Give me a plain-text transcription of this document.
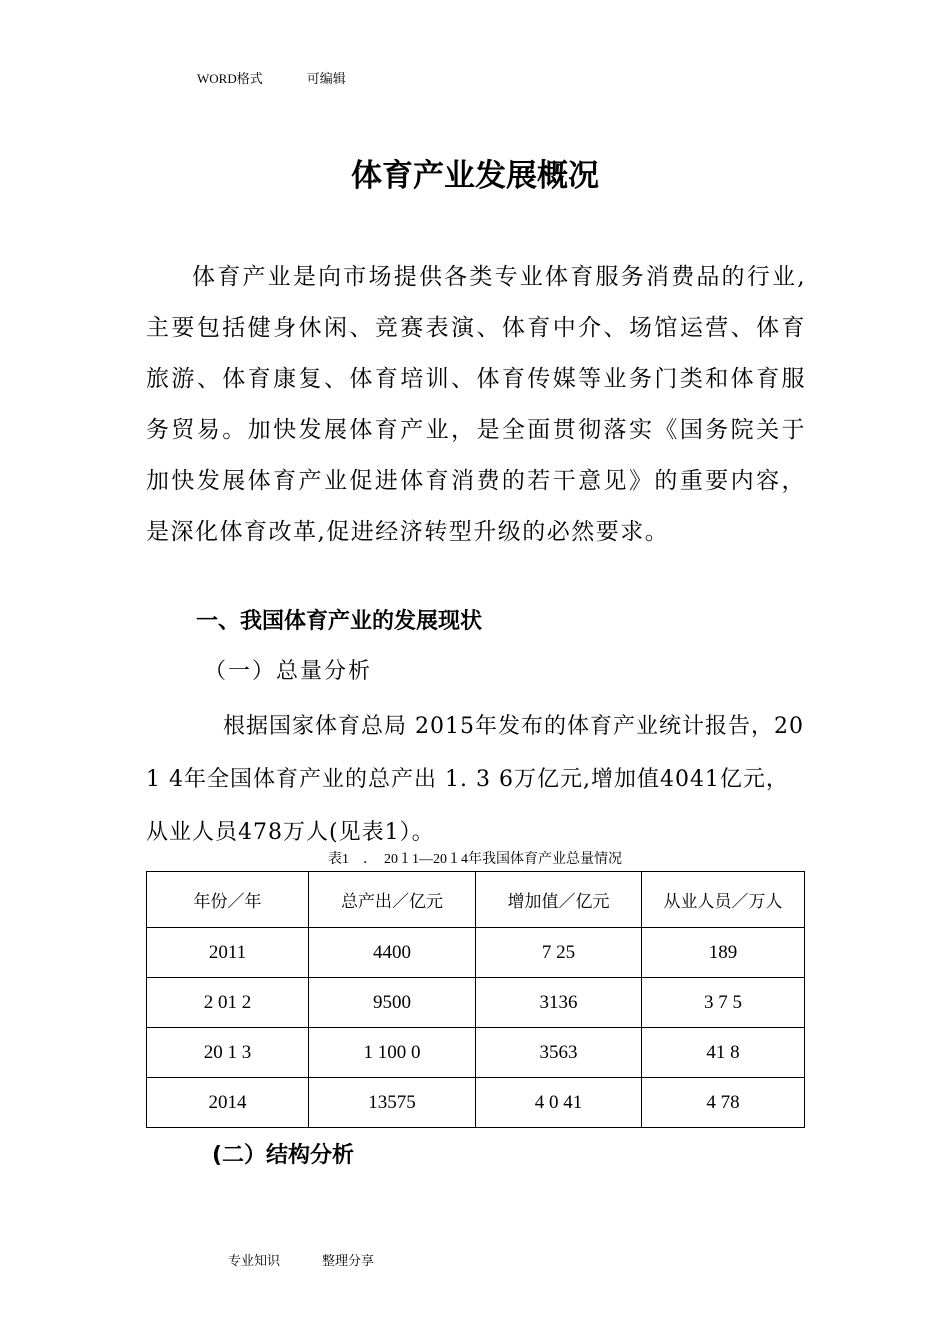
WORD格式	可编辑
体育产业发展概况
体育产业是向市场提供各类专业体育服务消费品的行业,主要包括健身休闲、竞赛表演、体育中介、场馆运营、体育旅游、体育康复、体育培训、体育传媒等业务门类和体育服务贸易。加快发展体育产业，是全面贯彻落实《国务院关于加快发展体育产业促进体育消费的若干意见》的重要内容，是深化体育改革,促进经济转型升级的必然要求。
一、我国体育产业的发展现状
（一）总量分析
根据国家体育总局 2015年发布的体育产业统计报告，20 1 4年全国体育产业的总产出 1. 3 6万亿元,增加值4041亿元，从业人员478万人(见表1）。
表1　．　20１1—20１4年我国体育产业总量情况
年份／年	总产出／亿元	增加值／亿元	从业人员／万人
2011	4400	7 25	189
2 01 2	9500	3136	3 7 5
20 1 3	1 100 0	3563	41 8
2014	13575	4 0 41	4 78
(二）结构分析
专业知识	整理分享
